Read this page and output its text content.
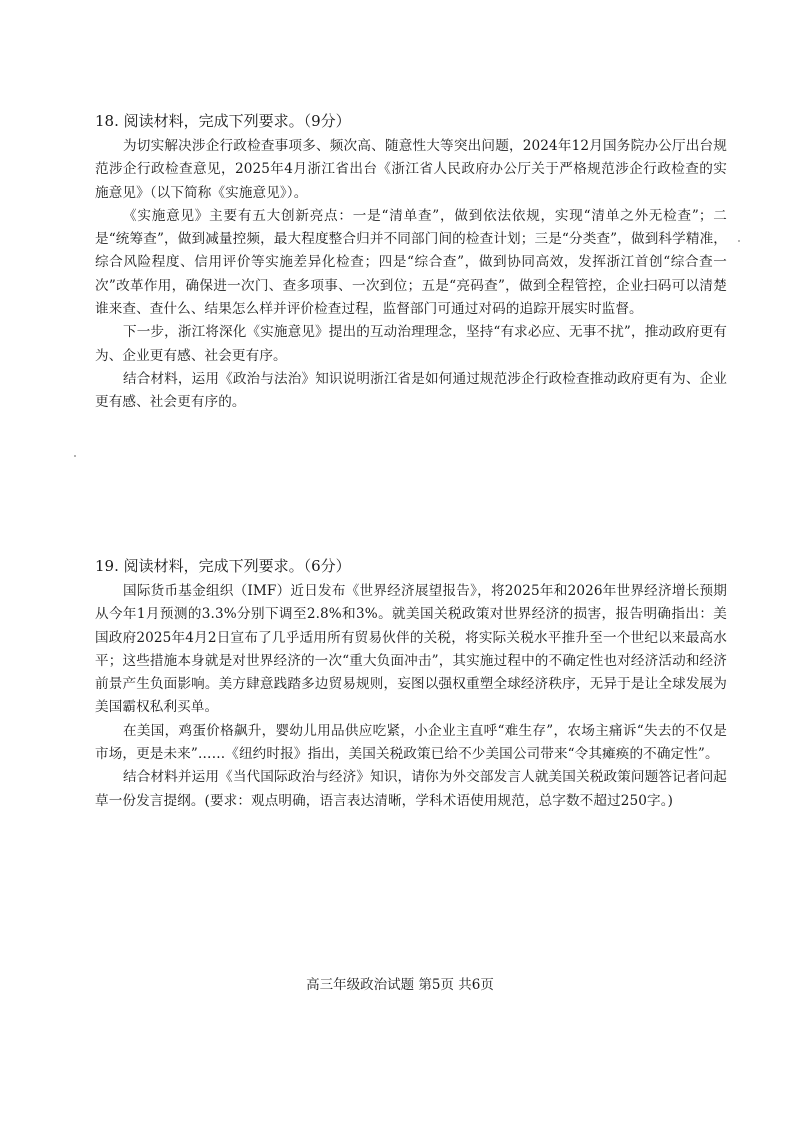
18. 阅读材料，完成下列要求。（9分）

为切实解决涉企行政检查事项多、频次高、随意性大等突出问题，2024年12月国务院办公厅出台规范涉企行政检查意见，2025年4月浙江省出台《浙江省人民政府办公厅关于严格规范涉企行政检查的实施意见》（以下简称《实施意见》）。

《实施意见》主要有五大创新亮点：一是“清单查”，做到依法依规，实现“清单之外无检查”；二是“统筹查”，做到减量控频，最大程度整合归并不同部门间的检查计划；三是“分类查”，做到科学精准，综合风险程度、信用评价等实施差异化检查；四是“综合查”，做到协同高效，发挥浙江首创“综合查一次”改革作用，确保进一次门、查多项事、一次到位；五是“亮码查”，做到全程管控，企业扫码可以清楚谁来查、查什么、结果怎么样并评价检查过程，监督部门可通过对码的追踪开展实时监督。

下一步，浙江将深化《实施意见》提出的互动治理理念，坚持“有求必应、无事不扰”，推动政府更有为、企业更有感、社会更有序。

结合材料，运用《政治与法治》知识说明浙江省是如何通过规范涉企行政检查推动政府更有为、企业更有感、社会更有序的。

19. 阅读材料，完成下列要求。（6分）

国际货币基金组织（IMF）近日发布《世界经济展望报告》，将2025年和2026年世界经济增长预期从今年1月预测的3.3%分别下调至2.8%和3%。就美国关税政策对世界经济的损害，报告明确指出：美国政府2025年4月2日宣布了几乎适用所有贸易伙伴的关税，将实际关税水平推升至一个世纪以来最高水平；这些措施本身就是对世界经济的一次“重大负面冲击”，其实施过程中的不确定性也对经济活动和经济前景产生负面影响。美方肆意践踏多边贸易规则，妄图以强权重塑全球经济秩序，无异于是让全球发展为美国霸权私利买单。

在美国，鸡蛋价格飙升，婴幼儿用品供应吃紧，小企业主直呼“难生存”，农场主痛诉“失去的不仅是市场，更是未来”……《纽约时报》指出，美国关税政策已给不少美国公司带来“令其瘫痪的不确定性”。

结合材料并运用《当代国际政治与经济》知识，请你为外交部发言人就美国关税政策问题答记者问起草一份发言提纲。(要求：观点明确，语言表达清晰，学科术语使用规范，总字数不超过250字。)

高三年级政治试题 第5页 共6页
